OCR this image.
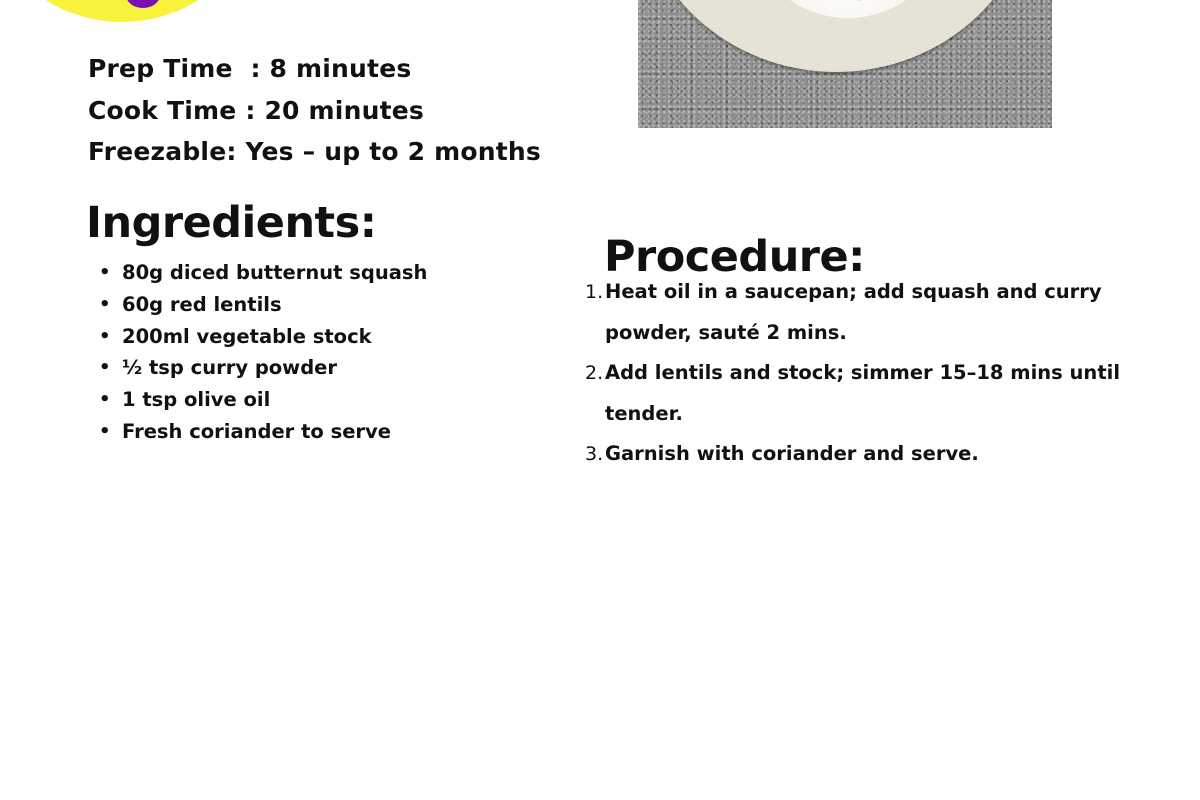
Prep Time  : 8 minutes
Cook Time : 20 minutes
Freezable: Yes – up to 2 months
Ingredients:
• 80g diced butternut squash
• 60g red lentils
• 200ml vegetable stock
• ½ tsp curry powder
• 1 tsp olive oil
• Fresh coriander to serve
Procedure:
1. Heat oil in a saucepan; add squash and curry powder, sauté 2 mins.
2. Add lentils and stock; simmer 15–18 mins until tender.
3. Garnish with coriander and serve.
